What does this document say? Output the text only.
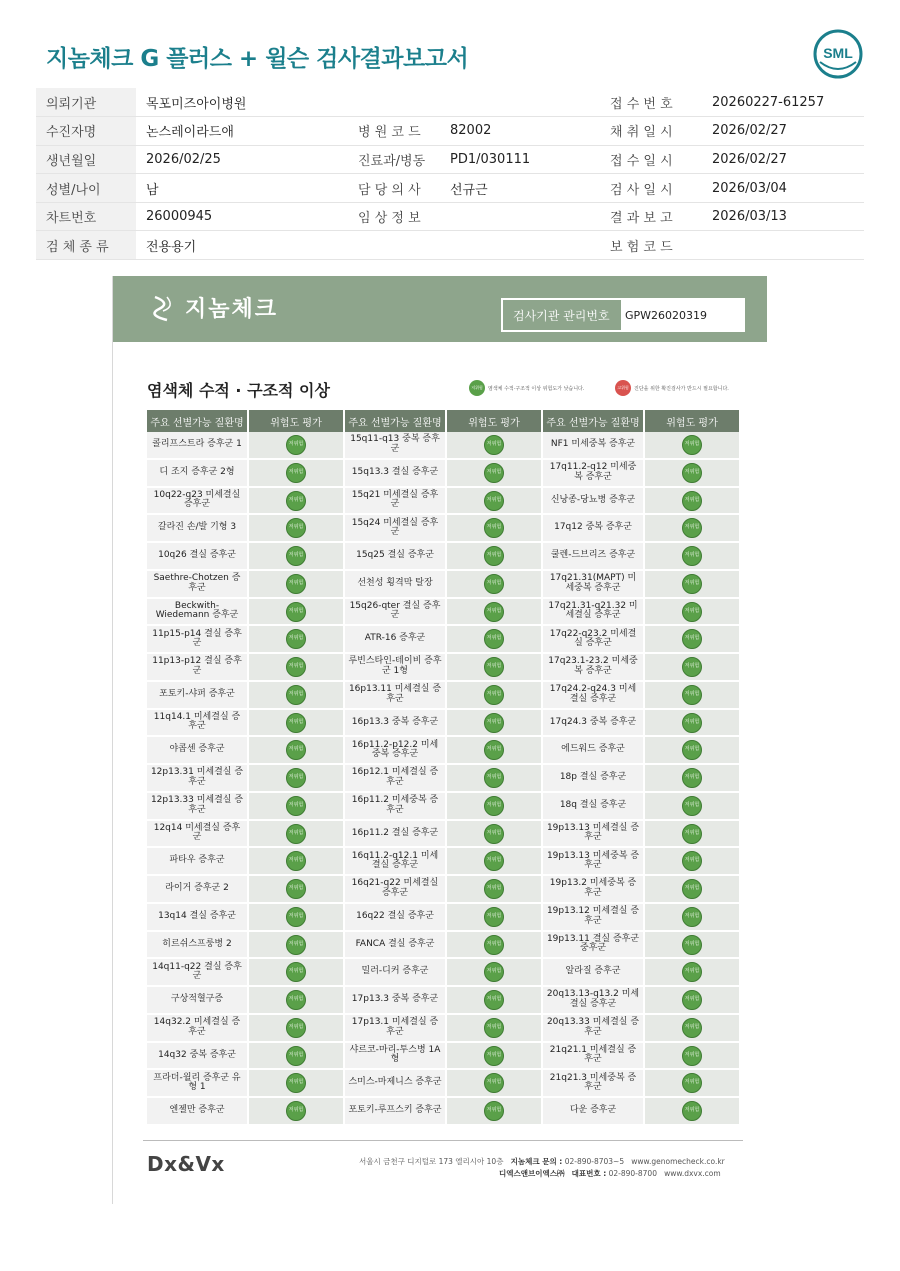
지놈체크 G 플러스 + 윌슨 검사결과보고서	SML
의뢰기관	목포미즈아이병원			접 수 번 호	20260227-61257
수진자명	논스레이라드애	병 원 코 드	82002	채 취 일 시	2026/02/27
생년월일	2026/02/25	진료과/병동	PD1/030111	접 수 일 시	2026/02/27
성별/나이	남	담 당 의 사	선규근	검 사 일 시	2026/03/04
차트번호	26000945	임 상 정 보		결 과 보 고	2026/03/13
검 체 종 류	전용용기			보 험 코 드	
지놈체크	검사기관 관리번호	GPW26020319
염색체 수적 · 구조적 이상	저위험	염색체 수적·구조적 이상 위험도가 낮습니다.	고위험	진단을 위한 확진검사가 반드시 필요합니다.
주요 선별가능 질환명	위험도 평가
콜리프스트라 증후군 1	저위험
디 조지 증후군 2형	저위험
10q22-q23 미세결실 증후군	저위험
갈라진 손/발 기형 3	저위험
10q26 결실 증후군	저위험
Saethre-Chotzen 증후군	저위험
Beckwith-Wiedemann 증후군	저위험
11p15-p14 결실 증후군	저위험
11p13-p12 결실 증후군	저위험
포토키-샤퍼 증후군	저위험
11q14.1 미세결실 증후군	저위험
야콥센 증후군	저위험
12p13.31 미세결실 증후군	저위험
12p13.33 미세결실 증후군	저위험
12q14 미세결실 증후군	저위험
파타우 증후군	저위험
라이거 증후군 2	저위험
13q14 결실 증후군	저위험
히르쉬스프룽병 2	저위험
14q11-q22 결실 증후군	저위험
구상적혈구증	저위험
14q32.2 미세결실 증후군	저위험
14q32 중복 증후군	저위험
프라더-윌리 증후군 유형 1	저위험
엔젤만 증후군	저위험
주요 선별가능 질환명	위험도 평가
15q11-q13 중복 증후군	저위험
15q13.3 결실 증후군	저위험
15q21 미세결실 증후군	저위험
15q24 미세결실 증후군	저위험
15q25 결실 증후군	저위험
선천성 횡격막 탈장	저위험
15q26-qter 결실 증후군	저위험
ATR-16 증후군	저위험
루빈스타인-테이비 증후군 1형	저위험
16p13.11 미세결실 증후군	저위험
16p13.3 중복 증후군	저위험
16p11.2-p12.2 미세중복 증후군	저위험
16p12.1 미세결실 증후군	저위험
16p11.2 미세중복 증후군	저위험
16p11.2 결실 증후군	저위험
16q11.2-q12.1 미세결실 증후군	저위험
16q21-q22 미세결실 증후군	저위험
16q22 결실 증후군	저위험
FANCA 결실 증후군	저위험
밀러-디커 증후군	저위험
17p13.3 중복 증후군	저위험
17p13.1 미세결실 증후군	저위험
샤르코-마리-투스병 1A형	저위험
스미스-마제니스 증후군	저위험
포토키-루프스키 증후군	저위험
주요 선별가능 질환명	위험도 평가
NF1 미세중복 증후군	저위험
17q11.2-q12 미세중복 증후군	저위험
신낭종-당뇨병 증후군	저위험
17q12 중복 증후군	저위험
쿨렌-드브리즈 증후군	저위험
17q21.31(MAPT) 미세중복 증후군	저위험
17q21.31-q21.32 미세결실 증후군	저위험
17q22-q23.2 미세결실 증후군	저위험
17q23.1-23.2 미세중복 증후군	저위험
17q24.2-q24.3 미세결실 증후군	저위험
17q24.3 중복 증후군	저위험
에드워드 증후군	저위험
18p 결실 증후군	저위험
18q 결실 증후군	저위험
19p13.13 미세결실 증후군	저위험
19p13.13 미세중복 증후군	저위험
19p13.2 미세중복 증후군	저위험
19p13.12 미세결실 증후군	저위험
19p13.11 결실 증후군 중후군	저위험
알라질 증후군	저위험
20q13.13-q13.2 미세결실 증후군	저위험
20q13.33 미세결실 증후군	저위험
21q21.1 미세결실 증후군	저위험
21q21.3 미세중복 증후군	저위험
다운 증후군	저위험
Dx&Vx	서울시 금천구 디지털로 173 엘리시아 10층 지놈체크 문의 : 02-890-8703~5 www.genomecheck.co.kr
디엑스앤브이엑스㈜ 대표번호 : 02-890-8700 www.dxvx.com
